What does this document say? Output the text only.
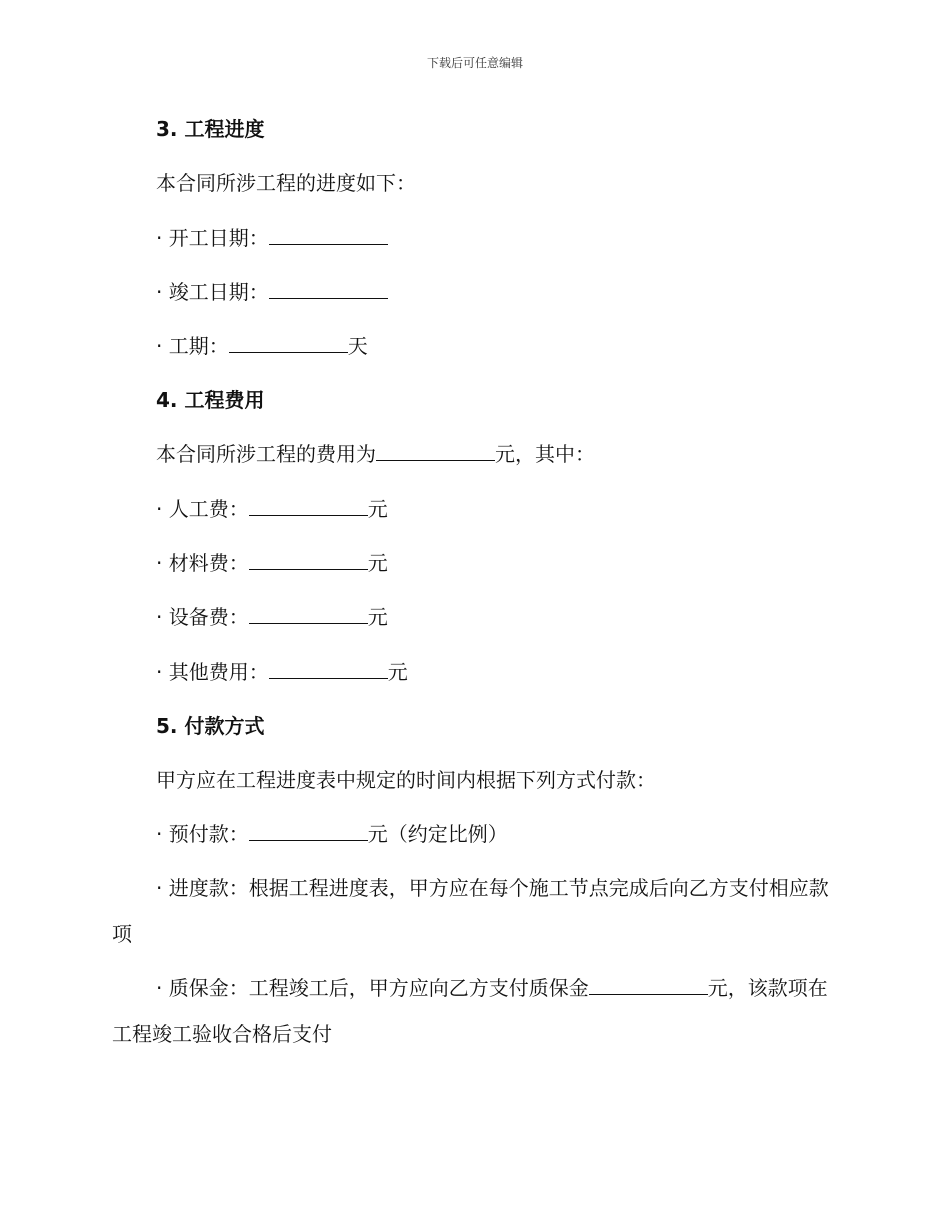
下载后可任意编辑
3. 工程进度
本合同所涉工程的进度如下：
· 开工日期：
· 竣工日期：
· 工期：	天
4. 工程费用
本合同所涉工程的费用为	元，其中：
· 人工费：	元
· 材料费：	元
· 设备费：	元
· 其他费用：	元
5. 付款方式
甲方应在工程进度表中规定的时间内根据下列方式付款：
· 预付款：	元（约定比例）
· 进度款：根据工程进度表，甲方应在每个施工节点完成后向乙方支付相应款项
· 质保金：工程竣工后，甲方应向乙方支付质保金	元，该款项在工程竣工验收合格后支付
